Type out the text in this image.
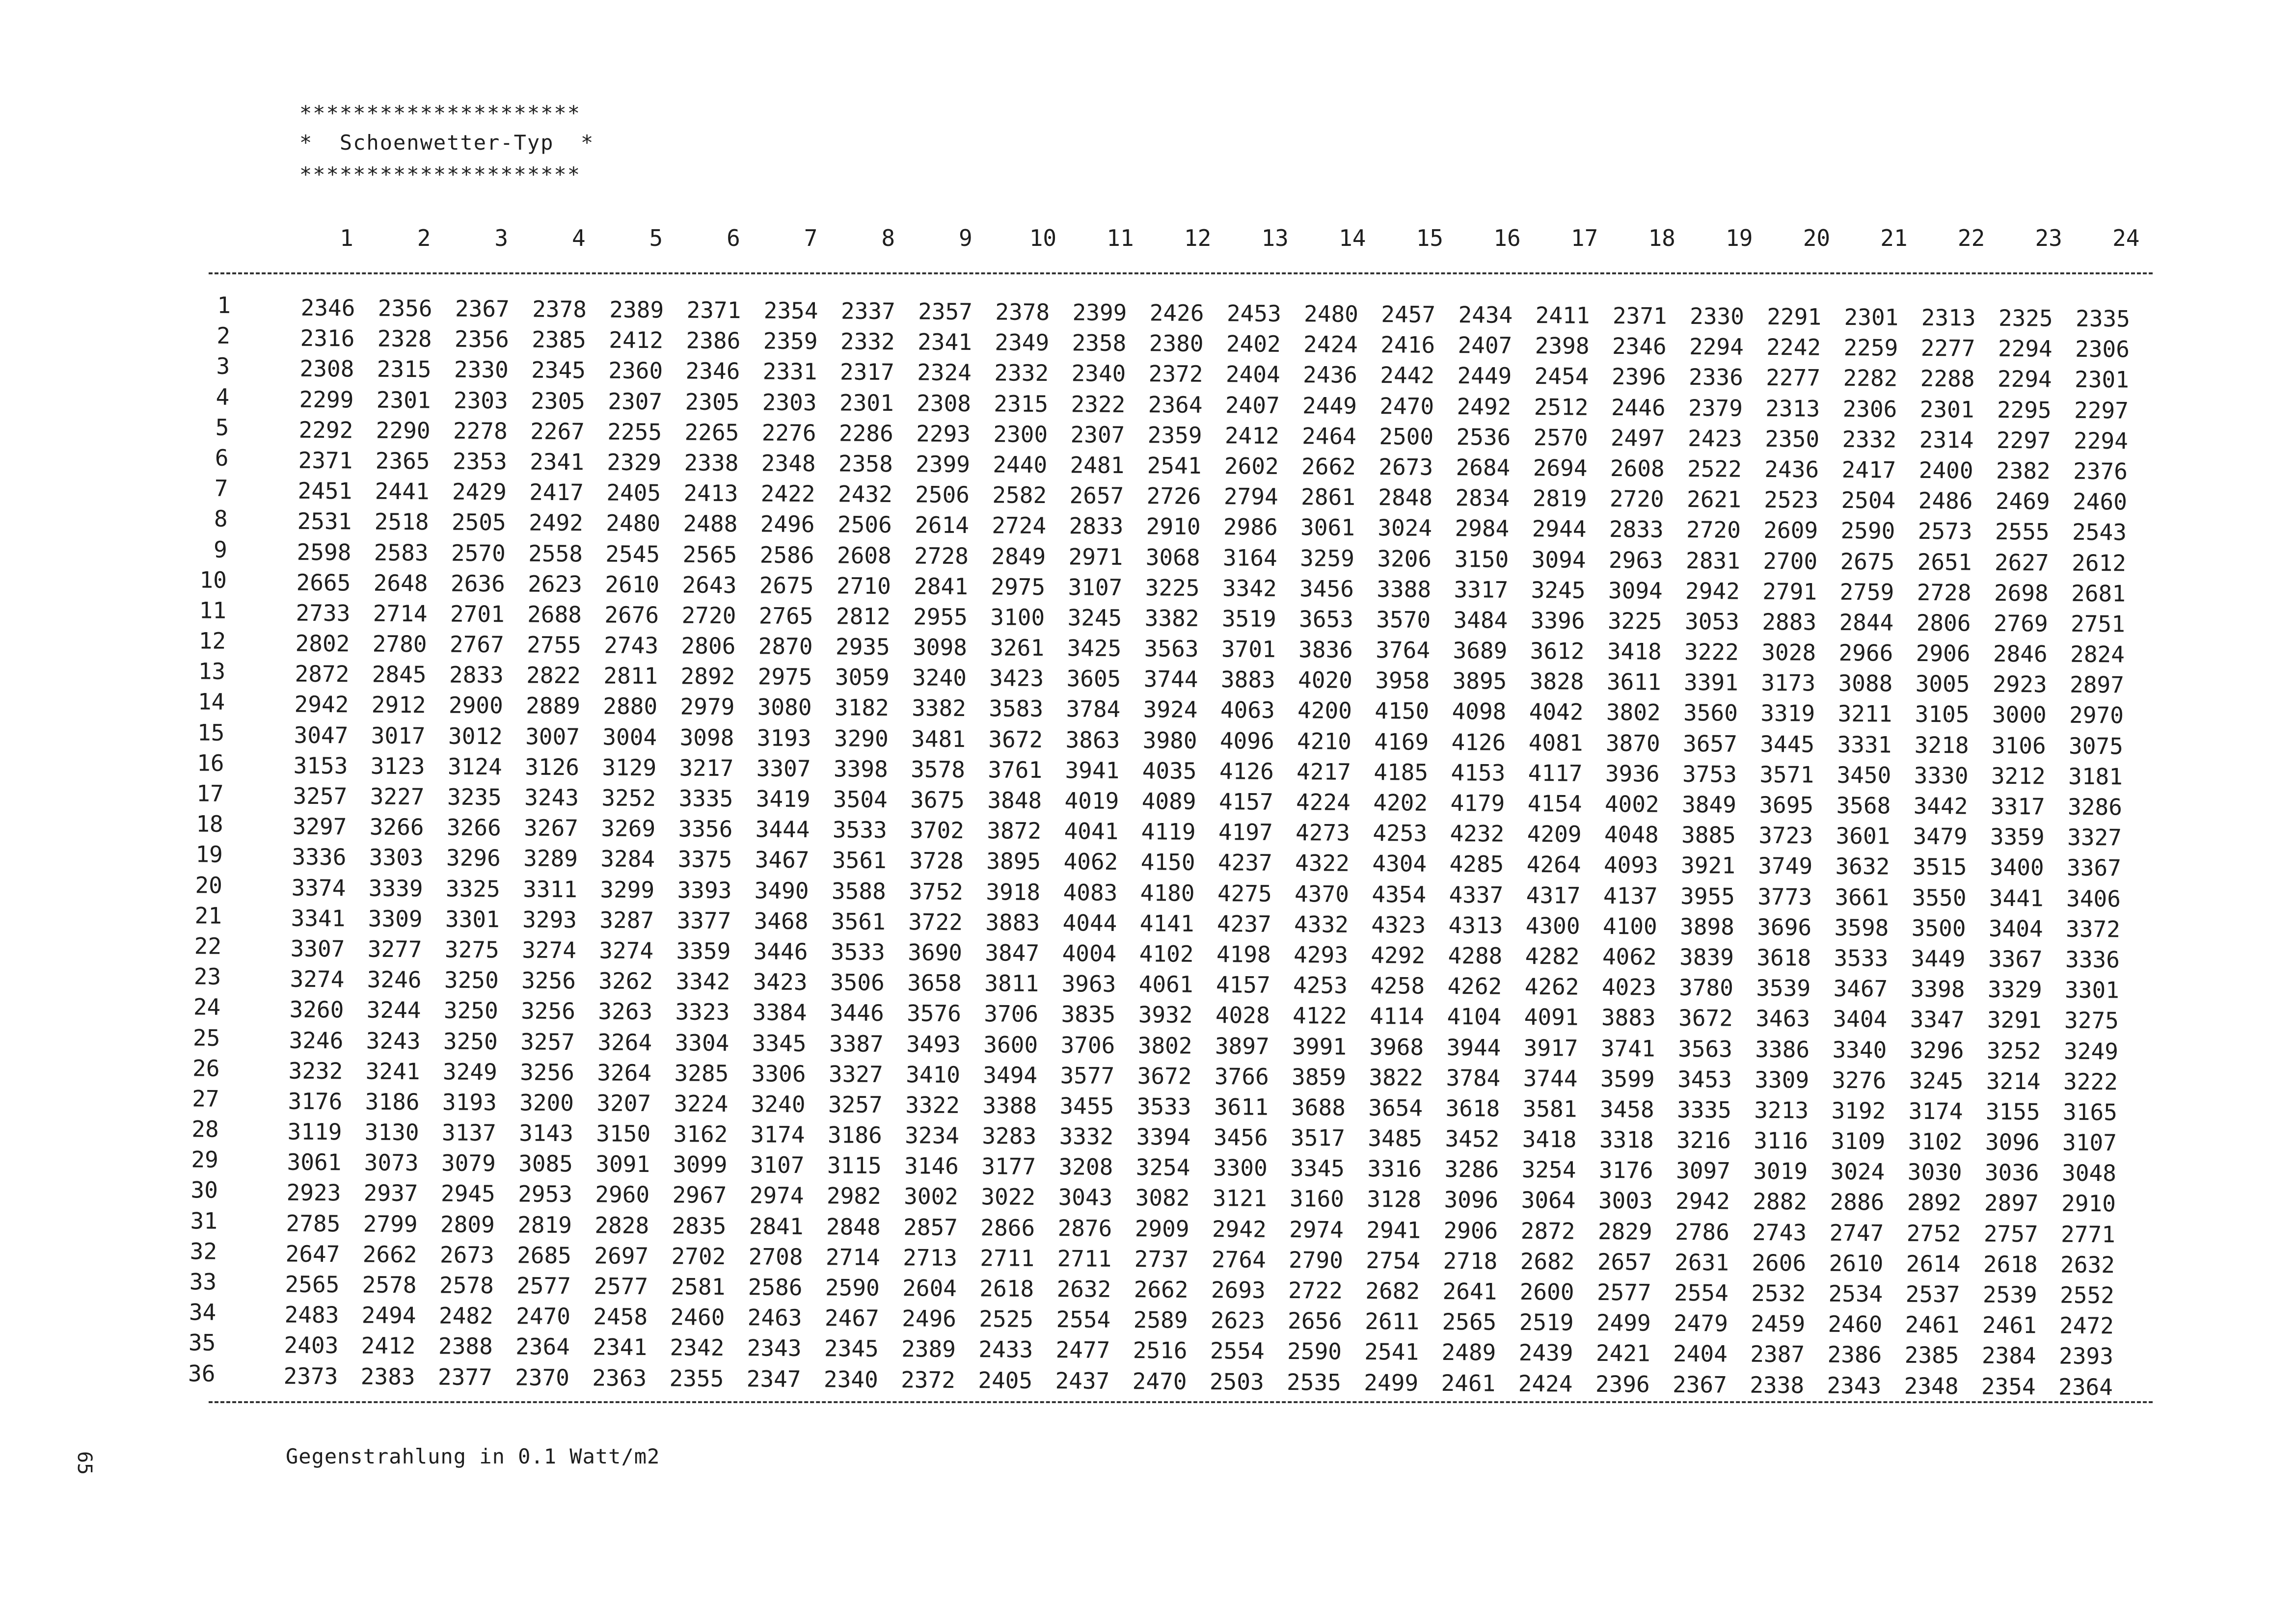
*********************
*  Schoenwetter-Typ  *
*********************
1	2	3	4	5	6	7	8	9	10	11	12	13	14	15	16	17	18	19	20	21	22	23	24
1	2346	2356	2367	2378	2389	2371	2354	2337	2357	2378	2399	2426	2453	2480	2457	2434	2411	2371	2330	2291	2301	2313	2325	2335
2	2316	2328	2356	2385	2412	2386	2359	2332	2341	2349	2358	2380	2402	2424	2416	2407	2398	2346	2294	2242	2259	2277	2294	2306
3	2308	2315	2330	2345	2360	2346	2331	2317	2324	2332	2340	2372	2404	2436	2442	2449	2454	2396	2336	2277	2282	2288	2294	2301
4	2299	2301	2303	2305	2307	2305	2303	2301	2308	2315	2322	2364	2407	2449	2470	2492	2512	2446	2379	2313	2306	2301	2295	2297
5	2292	2290	2278	2267	2255	2265	2276	2286	2293	2300	2307	2359	2412	2464	2500	2536	2570	2497	2423	2350	2332	2314	2297	2294
6	2371	2365	2353	2341	2329	2338	2348	2358	2399	2440	2481	2541	2602	2662	2673	2684	2694	2608	2522	2436	2417	2400	2382	2376
7	2451	2441	2429	2417	2405	2413	2422	2432	2506	2582	2657	2726	2794	2861	2848	2834	2819	2720	2621	2523	2504	2486	2469	2460
8	2531	2518	2505	2492	2480	2488	2496	2506	2614	2724	2833	2910	2986	3061	3024	2984	2944	2833	2720	2609	2590	2573	2555	2543
9	2598	2583	2570	2558	2545	2565	2586	2608	2728	2849	2971	3068	3164	3259	3206	3150	3094	2963	2831	2700	2675	2651	2627	2612
10	2665	2648	2636	2623	2610	2643	2675	2710	2841	2975	3107	3225	3342	3456	3388	3317	3245	3094	2942	2791	2759	2728	2698	2681
11	2733	2714	2701	2688	2676	2720	2765	2812	2955	3100	3245	3382	3519	3653	3570	3484	3396	3225	3053	2883	2844	2806	2769	2751
12	2802	2780	2767	2755	2743	2806	2870	2935	3098	3261	3425	3563	3701	3836	3764	3689	3612	3418	3222	3028	2966	2906	2846	2824
13	2872	2845	2833	2822	2811	2892	2975	3059	3240	3423	3605	3744	3883	4020	3958	3895	3828	3611	3391	3173	3088	3005	2923	2897
14	2942	2912	2900	2889	2880	2979	3080	3182	3382	3583	3784	3924	4063	4200	4150	4098	4042	3802	3560	3319	3211	3105	3000	2970
15	3047	3017	3012	3007	3004	3098	3193	3290	3481	3672	3863	3980	4096	4210	4169	4126	4081	3870	3657	3445	3331	3218	3106	3075
16	3153	3123	3124	3126	3129	3217	3307	3398	3578	3761	3941	4035	4126	4217	4185	4153	4117	3936	3753	3571	3450	3330	3212	3181
17	3257	3227	3235	3243	3252	3335	3419	3504	3675	3848	4019	4089	4157	4224	4202	4179	4154	4002	3849	3695	3568	3442	3317	3286
18	3297	3266	3266	3267	3269	3356	3444	3533	3702	3872	4041	4119	4197	4273	4253	4232	4209	4048	3885	3723	3601	3479	3359	3327
19	3336	3303	3296	3289	3284	3375	3467	3561	3728	3895	4062	4150	4237	4322	4304	4285	4264	4093	3921	3749	3632	3515	3400	3367
20	3374	3339	3325	3311	3299	3393	3490	3588	3752	3918	4083	4180	4275	4370	4354	4337	4317	4137	3955	3773	3661	3550	3441	3406
21	3341	3309	3301	3293	3287	3377	3468	3561	3722	3883	4044	4141	4237	4332	4323	4313	4300	4100	3898	3696	3598	3500	3404	3372
22	3307	3277	3275	3274	3274	3359	3446	3533	3690	3847	4004	4102	4198	4293	4292	4288	4282	4062	3839	3618	3533	3449	3367	3336
23	3274	3246	3250	3256	3262	3342	3423	3506	3658	3811	3963	4061	4157	4253	4258	4262	4262	4023	3780	3539	3467	3398	3329	3301
24	3260	3244	3250	3256	3263	3323	3384	3446	3576	3706	3835	3932	4028	4122	4114	4104	4091	3883	3672	3463	3404	3347	3291	3275
25	3246	3243	3250	3257	3264	3304	3345	3387	3493	3600	3706	3802	3897	3991	3968	3944	3917	3741	3563	3386	3340	3296	3252	3249
26	3232	3241	3249	3256	3264	3285	3306	3327	3410	3494	3577	3672	3766	3859	3822	3784	3744	3599	3453	3309	3276	3245	3214	3222
27	3176	3186	3193	3200	3207	3224	3240	3257	3322	3388	3455	3533	3611	3688	3654	3618	3581	3458	3335	3213	3192	3174	3155	3165
28	3119	3130	3137	3143	3150	3162	3174	3186	3234	3283	3332	3394	3456	3517	3485	3452	3418	3318	3216	3116	3109	3102	3096	3107
29	3061	3073	3079	3085	3091	3099	3107	3115	3146	3177	3208	3254	3300	3345	3316	3286	3254	3176	3097	3019	3024	3030	3036	3048
30	2923	2937	2945	2953	2960	2967	2974	2982	3002	3022	3043	3082	3121	3160	3128	3096	3064	3003	2942	2882	2886	2892	2897	2910
31	2785	2799	2809	2819	2828	2835	2841	2848	2857	2866	2876	2909	2942	2974	2941	2906	2872	2829	2786	2743	2747	2752	2757	2771
32	2647	2662	2673	2685	2697	2702	2708	2714	2713	2711	2711	2737	2764	2790	2754	2718	2682	2657	2631	2606	2610	2614	2618	2632
33	2565	2578	2578	2577	2577	2581	2586	2590	2604	2618	2632	2662	2693	2722	2682	2641	2600	2577	2554	2532	2534	2537	2539	2552
34	2483	2494	2482	2470	2458	2460	2463	2467	2496	2525	2554	2589	2623	2656	2611	2565	2519	2499	2479	2459	2460	2461	2461	2472
35	2403	2412	2388	2364	2341	2342	2343	2345	2389	2433	2477	2516	2554	2590	2541	2489	2439	2421	2404	2387	2386	2385	2384	2393
36	2373	2383	2377	2370	2363	2355	2347	2340	2372	2405	2437	2470	2503	2535	2499	2461	2424	2396	2367	2338	2343	2348	2354	2364
65	Gegenstrahlung in 0.1 Watt/m2
